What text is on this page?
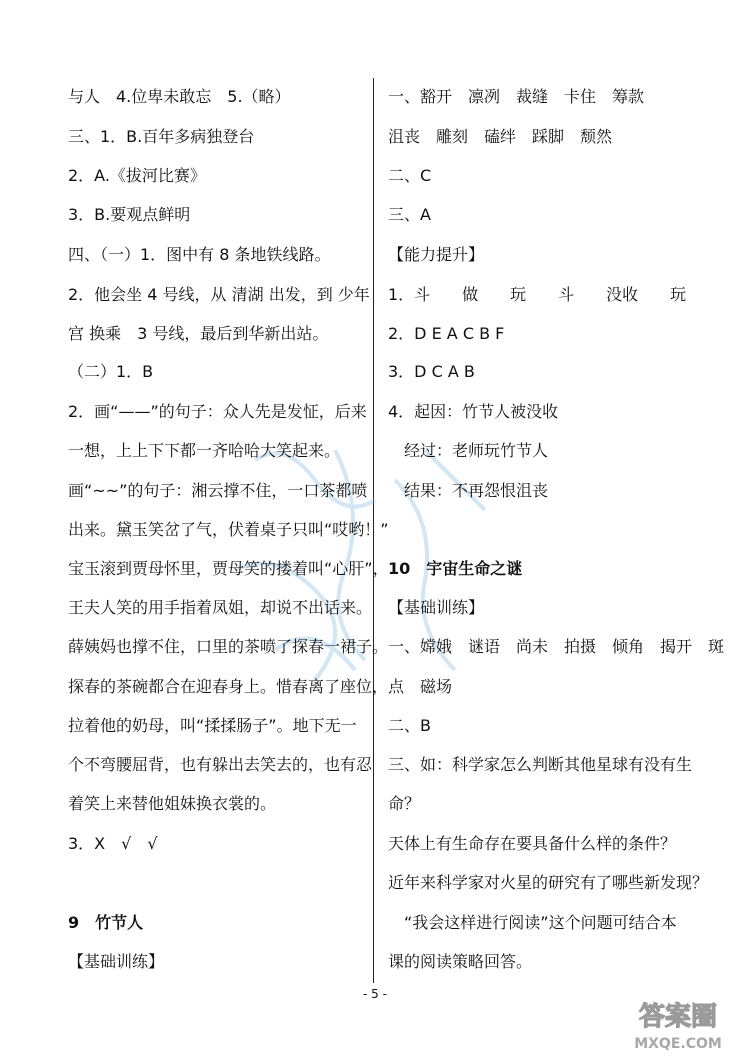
与人　4.位卑未敢忘　5.（略）
三、1．B.百年多病独登台
2．A.《拔河比赛》
3．B.要观点鲜明
四、（一）1．图中有 8 条地铁线路。
2．他会坐 4 号线，从 清湖 出发，到 少年
宫 换乘　3 号线，最后到华新出站。
（二）1．B
2．画“——”的句子：众人先是发怔，后来
一想，上上下下都一齐哈哈大笑起来。
画“~~”的句子：湘云撑不住，一口茶都喷
出来。黛玉笑岔了气，伏着桌子只叫“哎哟！”
宝玉滚到贾母怀里，贾母笑的搂着叫“心肝”，
王夫人笑的用手指着凤姐，却说不出话来。
薛姨妈也撑不住，口里的茶喷了探春一裙子。
探春的茶碗都合在迎春身上。惜春离了座位，
拉着他的奶母，叫“揉揉肠子”。地下无一
个不弯腰屈背，也有躲出去笑去的，也有忍
着笑上来替他姐妹换衣裳的。
3．X　√　√
9　竹节人
【基础训练】
一、豁开　凛冽　裁缝　卡住　筹款
沮丧　雕刻　磕绊　踩脚　颓然
二、C
三、A
【能力提升】
1．斗　　做　　玩　　斗　　没收　　玩
2．D E A C B F
3．D C A B
4．起因：竹节人被没收
　经过：老师玩竹节人
　结果：不再怨恨沮丧
10　宇宙生命之谜
【基础训练】
一、嫦娥　谜语　尚未　拍摄　倾角　揭开　斑
点　磁场
二、B
三、如：科学家怎么判断其他星球有没有生
命？
天体上有生命存在要具备什么样的条件？
近年来科学家对火星的研究有了哪些新发现？
　“我会这样进行阅读”这个问题可结合本
课的阅读策略回答。
- 5 -
答案圈
MXQE.COM
